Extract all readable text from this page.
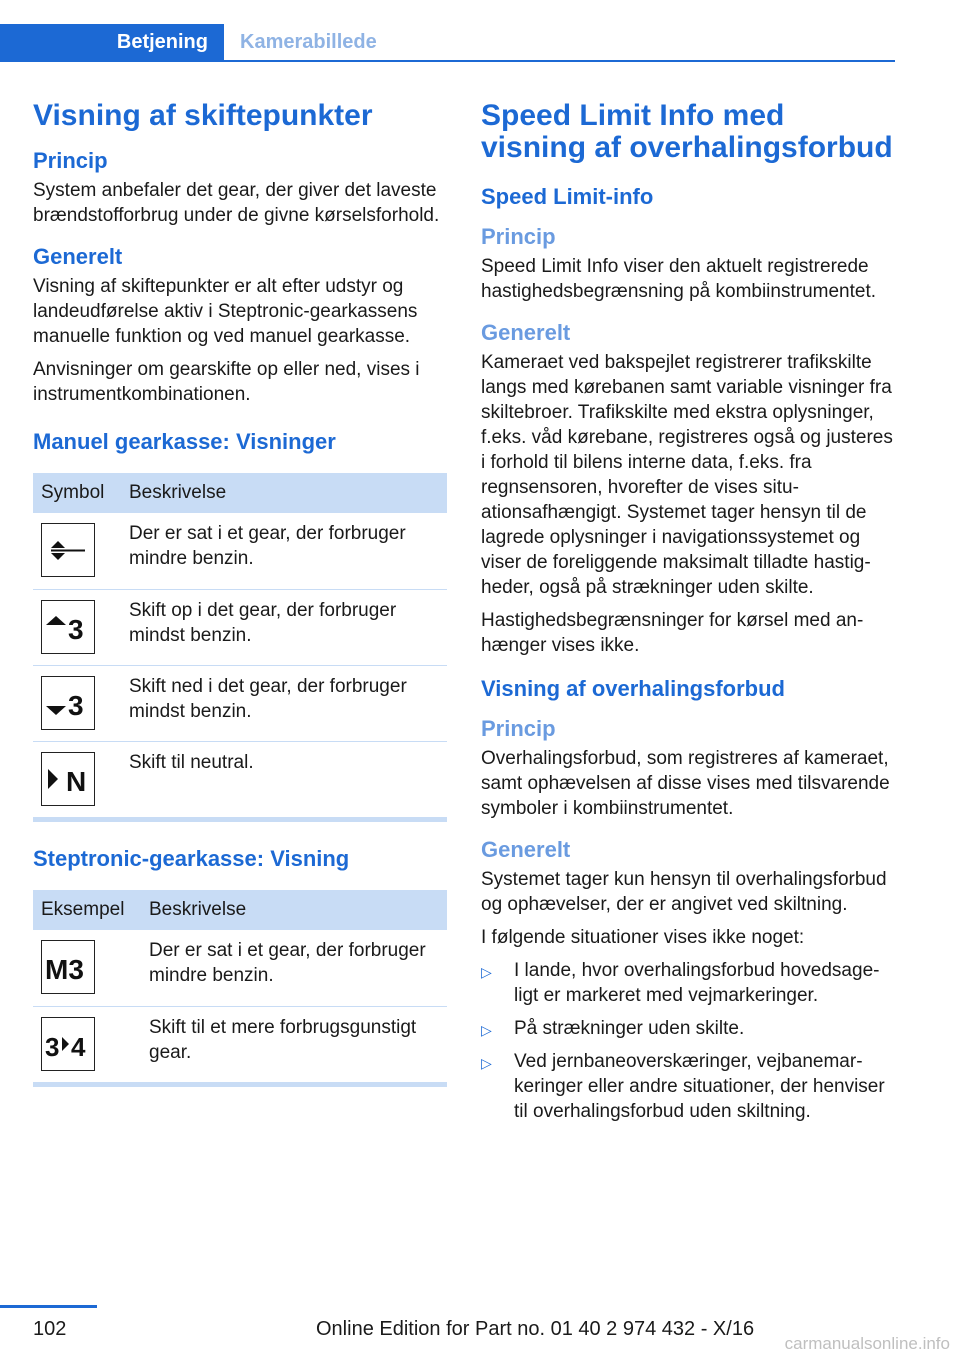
Betjening	Kamerabillede
Visning af skiftepunkter
Princip

System anbefaler det gear, der giver det laveste brændstofforbrug under de givne kørselsforhold.

Generelt

Visning af skiftepunkter er alt efter udstyr og landeudførelse aktiv i Steptronic-gearkassens manuelle funktion og ved manuel gearkasse.

Anvisninger om gearskifte op eller ned, vises i instrumentkombinationen.

Manuel gearkasse: Visninger
Symbol	Beskrivelse

	Der er sat i et gear, der forbruger mindre benzin.

3	Skift op i det gear, der forbruger mindst benzin.

3	Skift ned i det gear, der forbruger mindst benzin.

N	Skift til neutral.
Steptronic-gearkasse: Visning
Eksempel	Beskrivelse

M3	Der er sat i et gear, der forbruger mindre benzin.

3 4	Skift til et mere forbrugsgunstigt gear.
Speed Limit Info med visning af overhalingsforbud
Speed Limit-info
Princip

Speed Limit Info viser den aktuelt registrerede hastighedsbegrænsning på kombiinstrumentet.

Generelt

Kameraet ved bakspejlet registrerer trafikskilte langs med kørebanen samt variable visninger fra skiltebroer. Trafikskilte med ekstra oplysninger, f.eks. våd kørebane, registreres også og justeres i forhold til bilens interne data, f.eks. fra regnsensoren, hvorefter de vises situationsafhængigt. Systemet tager hensyn til de lagrede oplysninger i navigationssystemet og viser de foreliggende maksimalt tilladte hastigheder, også på strækninger uden skilte.

Hastighedsbegrænsninger for kørsel med anhænger vises ikke.

Visning af overhalingsforbud
Princip

Overhalingsforbud, som registreres af kameraet, samt ophævelsen af disse vises med tilsvarende symboler i kombiinstrumentet.

Generelt

Systemet tager kun hensyn til overhalingsforbud og ophævelser, der er angivet ved skiltning.

I følgende situationer vises ikke noget:

▷ I lande, hvor overhalingsforbud hovedsageligt er markeret med vejmarkeringer.
▷ På strækninger uden skilte.
▷ Ved jernbaneoverskæringer, vejbanemarkeringer eller andre situationer, der henviser til overhalingsforbud uden skiltning.
102	Online Edition for Part no. 01 40 2 974 432 - X/16
carmanualsonline.info
